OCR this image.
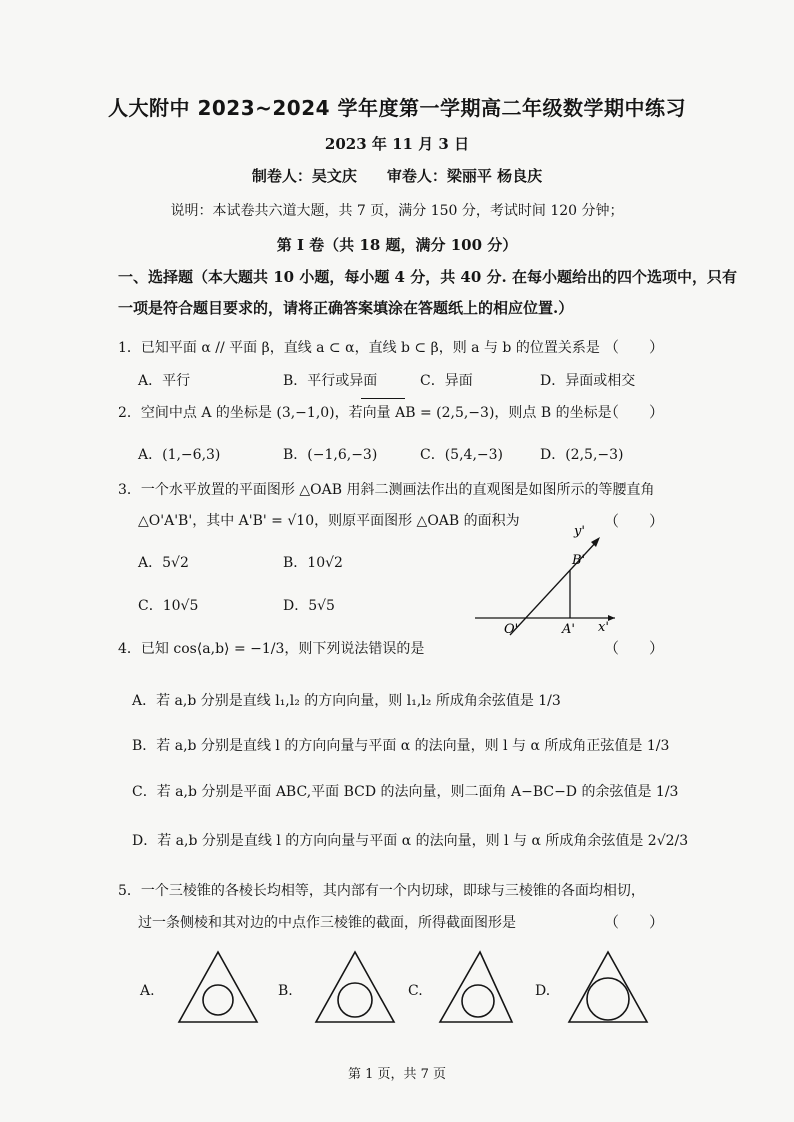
人大附中 2023~2024 学年度第一学期高二年级数学期中练习
2023 年 11 月 3 日
制卷人：吴文庆　　审卷人：梁丽平 杨良庆
说明：本试卷共六道大题，共 7 页，满分 150 分，考试时间 120 分钟；
第 I 卷（共 18 题，满分 100 分）
一、选择题（本大题共 10 小题，每小题 4 分，共 40 分. 在每小题给出的四个选项中，只有
一项是符合题目要求的，请将正确答案填涂在答题纸上的相应位置.）
1．已知平面 α // 平面 β，直线 a ⊂ α，直线 b ⊂ β，则 a 与 b 的位置关系是 （　　）
A．平行	B．平行或异面	C．异面	D．异面或相交
2．空间中点 A 的坐标是 (3,−1,0)，若向量 AB = (2,5,−3)，则点 B 的坐标是
（　　）
A．(1,−6,3)	B．(−1,6,−3)	C．(5,4,−3)	D．(2,5,−3)
3．一个水平放置的平面图形 △OAB 用斜二测画法作出的直观图是如图所示的等腰直角
△O'A'B'，其中 A'B' = √10，则原平面图形 △OAB 的面积为	（　　）
A．5√2	B．10√2
C．10√5	D．5√5
y'
B'
O'	A' x'
4．已知 cos⟨a,b⟩ = −1/3，则下列说法错误的是	（　　）
A．若 a,b 分别是直线 l₁,l₂ 的方向向量，则 l₁,l₂ 所成角余弦值是 1/3
B．若 a,b 分别是直线 l 的方向向量与平面 α 的法向量，则 l 与 α 所成角正弦值是 1/3
C．若 a,b 分别是平面 ABC,平面 BCD 的法向量，则二面角 A−BC−D 的余弦值是 1/3
D．若 a,b 分别是直线 l 的方向向量与平面 α 的法向量，则 l 与 α 所成角余弦值是 2√2/3
5．一个三棱锥的各棱长均相等，其内部有一个内切球，即球与三棱锥的各面均相切，
过一条侧棱和其对边的中点作三棱锥的截面，所得截面图形是	（　　）
A.	B.	C.	D.
第 1 页，共 7 页
